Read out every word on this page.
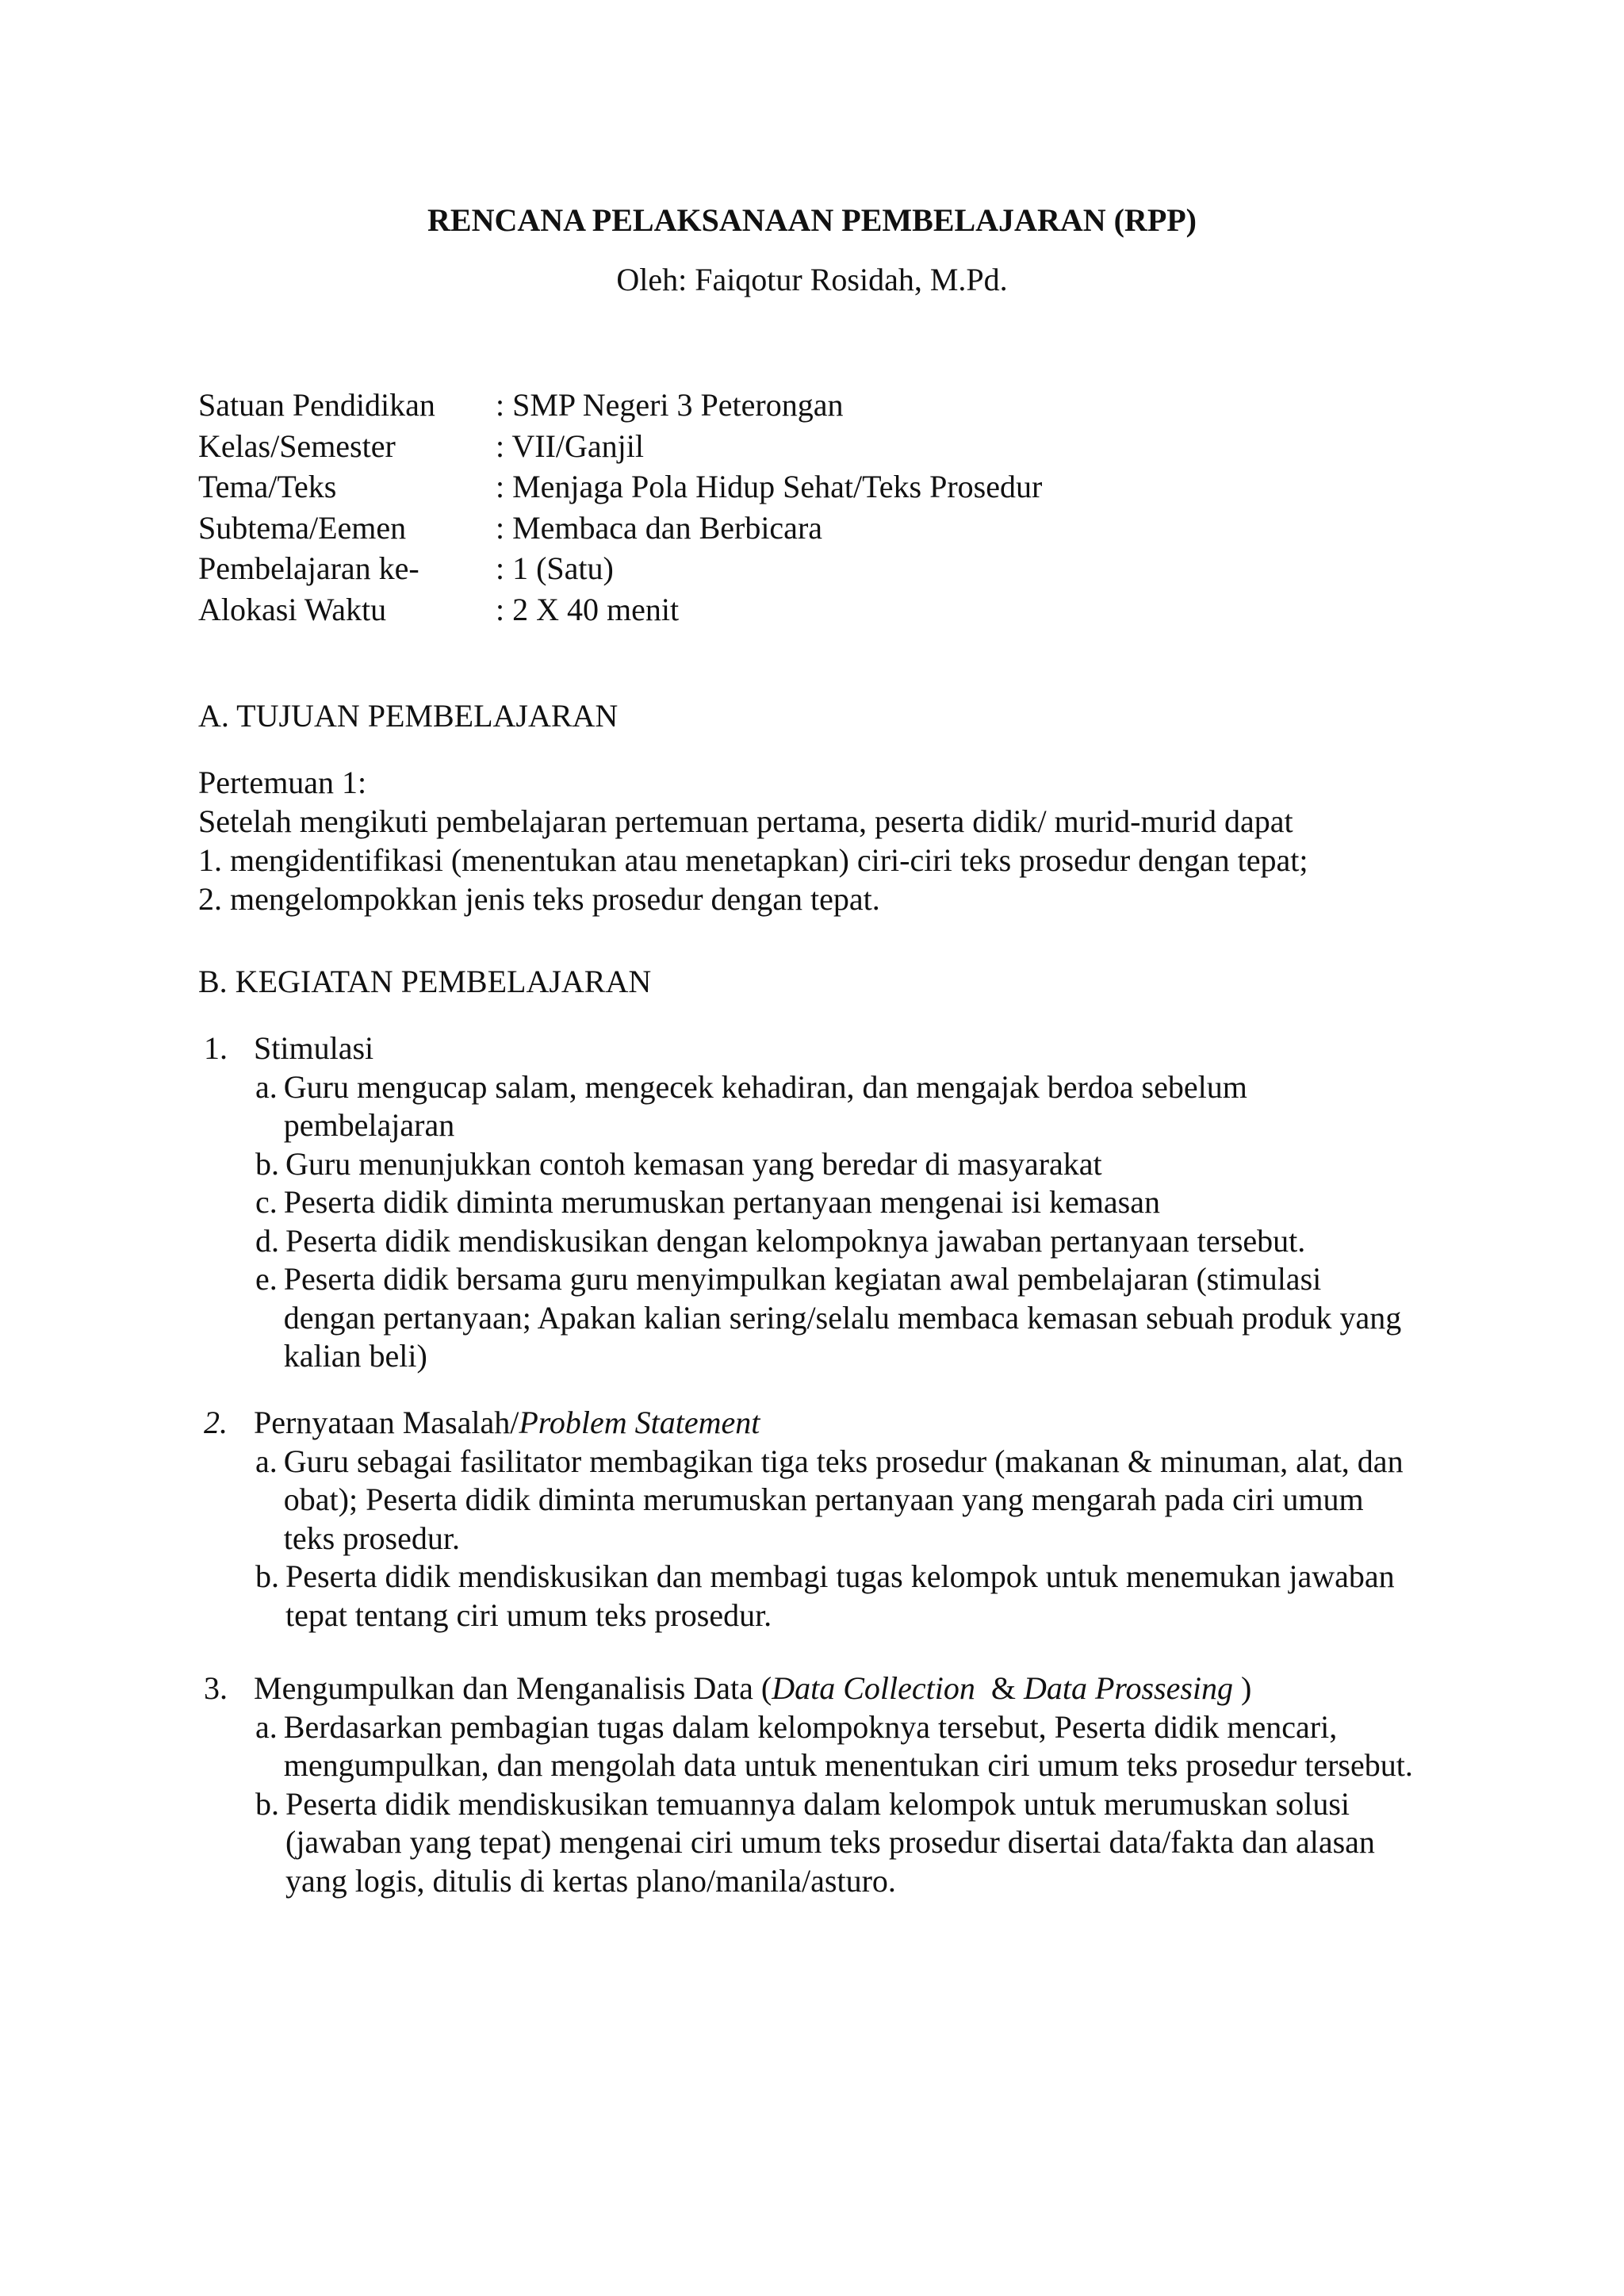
RENCANA PELAKSANAAN PEMBELAJARAN (RPP)
Oleh: Faiqotur Rosidah, M.Pd.
Satuan Pendidikan	: SMP Negeri 3 Peterongan
Kelas/Semester	: VII/Ganjil
Tema/Teks	: Menjaga Pola Hidup Sehat/Teks Prosedur
Subtema/Eemen	: Membaca dan Berbicara
Pembelajaran ke-	: 1 (Satu)
Alokasi Waktu	: 2 X 40 menit
A. TUJUAN PEMBELAJARAN

Pertemuan 1:

Setelah mengikuti pembelajaran pertemuan pertama, peserta didik/ murid-murid dapat

1. mengidentifikasi (menentukan atau menetapkan) ciri-ciri teks prosedur dengan tepat;

2. mengelompokkan jenis teks prosedur dengan tepat.

B. KEGIATAN PEMBELAJARAN
1. Stimulasi
a. Guru mengucap salam, mengecek kehadiran, dan mengajak berdoa sebelum pembelajaran
b. Guru menunjukkan contoh kemasan yang beredar di masyarakat
c. Peserta didik diminta merumuskan pertanyaan mengenai isi kemasan
d. Peserta didik mendiskusikan dengan kelompoknya jawaban pertanyaan tersebut.
e. Peserta didik bersama guru menyimpulkan kegiatan awal pembelajaran (stimulasi dengan pertanyaan; Apakan kalian sering/selalu membaca kemasan sebuah produk yang kalian beli)
2. Pernyataan Masalah/Problem Statement
a. Guru sebagai fasilitator membagikan tiga teks prosedur (makanan & minuman, alat, dan obat); Peserta didik diminta merumuskan pertanyaan yang mengarah pada ciri umum teks prosedur.
b. Peserta didik mendiskusikan dan membagi tugas kelompok untuk menemukan jawaban tepat tentang ciri umum teks prosedur.
3. Mengumpulkan dan Menganalisis Data (Data Collection  & Data Prossesing )
a. Berdasarkan pembagian tugas dalam kelompoknya tersebut, Peserta didik mencari, mengumpulkan, dan mengolah data untuk menentukan ciri umum teks prosedur tersebut.
b. Peserta didik mendiskusikan temuannya dalam kelompok untuk merumuskan solusi (jawaban yang tepat) mengenai ciri umum teks prosedur disertai data/fakta dan alasan yang logis, ditulis di kertas plano/manila/asturo.
